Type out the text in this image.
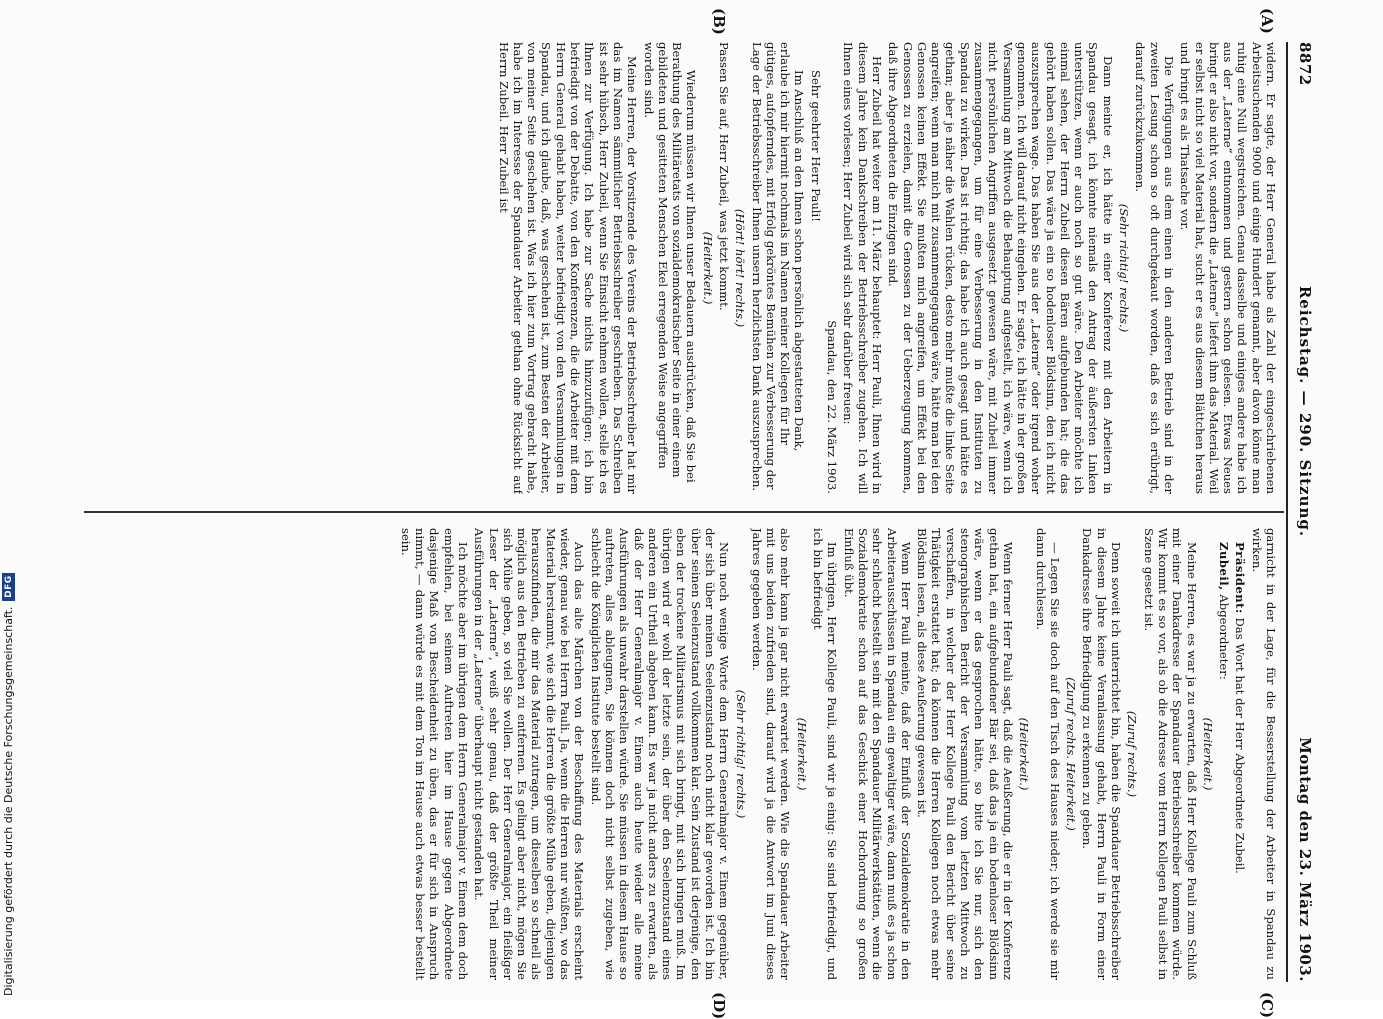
8872
Reichstag. — 290. Sitzung.
Montag den 23. März 1903.
(A)
(B)
(C)
(D)

widern. Er sagte, der Herr General habe als Zahl der eingeschriebenen Arbeitsuchenden 9000 und einige Hundert genannt, aber davon könne man ruhig eine Null wegstreichen. Genau dasselbe und einiges andere habe ich aus der „Laterne“ entnommen und gestern schon gelesen. Etwas Neues bringt er also nicht vor, sondern die „Laterne“ liefert ihm das Material. Weil er selbst nicht so viel Material hat, sucht er es aus diesem Blättchen heraus und bringt es als Thatsache vor.

Die Verfügungen aus dem einen in den anderen Betrieb sind in der zweiten Lesung schon so oft durchgekaut worden, daß es sich erübrigt, darauf zurückzukommen.

(Sehr richtig! rechts.)

Dann meinte er, ich hätte in einer Konferenz mit den Arbeitern in Spandau gesagt, ich könnte niemals den Antrag der äußersten Linken unterstützen, wenn er auch noch so gut wäre. Den Arbeiter möchte ich einmal sehen, der Herrn Zubeil diesen Bären aufgebunden hat; die das gehört haben sollen. Das wäre ja ein so hodenloser Blödsinn, den ich nicht auszusprechen wage. Das haben Sie aus der „Laterne“ oder irgend woher genommen. Ich will darauf nicht eingehen. Er sagte, ich hätte in der großen Versammlung am Mittwoch die Behauptung aufgestellt, ich wäre, wenn ich nicht persönlichen Angriffen ausgesetzt gewesen wäre, mit Zubeil immer zusammengegangen, um für eine Verbesserung in den Instituten zu Spandau zu wirken. Das ist richtig; das habe ich auch gesagt und hätte es gethan; aber je näher die Wahlen rücken, desto mehr mußte die linke Seite angreifen; wenn man mich mit zusammengegangen wäre, hätte man bei den Genossen keinen Effekt. Sie mußten mich angreifen, um Effekt bei den Genossen zu erzielen, damit die Genossen zu der Ueberzeugung kommen, daß ihre Abgeordneten die Einzigen sind.

Herr Zubeil hat weiter am 11. März behauptet: Herr Pauli, Ihnen wird in diesem Jahre kein Dankschreiben der Betriebsschreiber zugehen. Ich will Ihnen eines vorlesen; Herr Zubeil wird sich sehr darüber freuen:

Spandau, den 22. März 1903.

Sehr geehrter Herr Pauli!

Im Anschluß an den Ihnen schon persönlich abgestatteten Dank, erlaube ich mir hiermit nochmals im Namen meiner Kollegen für Ihr gütiges, aufopferndes, mit Erfolg gekröntes Bemühen zur Verbesserung der Lage der Betriebsschreiber Ihnen unsern herzlichsten Dank auszusprechen.

(Hört! hört! rechts.)

Passen Sie auf, Herr Zubeil, was jetzt kommt.

(Heiterkeit.)

Wiederum müssen wir Ihnen unser Bedauern ausdrücken, daß Sie bei Berathung des Militäretats von sozialdemokratischer Seite in einer einem gebildeten und gesitteten Menschen Ekel erregenden Weise angegriffen worden sind.

Meine Herren, der Vorsitzende des Vereins der Betriebsschreiber hat mir das im Namen sämmtlicher Betriebsschreiber geschrieben. Das Schreiben ist sehr hübsch, Herr Zubeil, wenn Sie Einsicht nehmen wollen, stelle ich es Ihnen zur Verfügung. Ich habe zur Sache nichts hinzuzufügen; ich bin befriedigt von der Debatte, von den Konferenzen, die die Arbeiter mit dem Herrn General gehabt haben, weiter befriedigt von den Versammlungen in Spandau, und ich glaube, daß, was geschehen ist, zum Besten der Arbeiter, von meiner Seite geschehen ist. Was ich hier zum Vortrag gebracht habe, habe ich im Interesse der Spandauer Arbeiter gethan ohne Rücksicht auf Herrn Zubeil. Herr Zubeil ist

garnicht in der Lage, für die Besserstellung der Arbeiter in Spandau zu wirken.

Präsident: Das Wort hat der Herr Abgeordnete Zubeil.

Zubeil, Abgeordneter:

(Heiterkeit.)

Meine Herren, es war ja zu erwarten, daß Herr Kollege Pauli zum Schluß mit einer Dankadresse der Spandauer Betriebsschreiber kommen würde. Wir kommt es so vor, als ob die Adresse vom Herrn Kollegen Pauli selbst in Szene gesetzt ist.

(Zuruf rechts.)

Denn soweit ich unterrichtet bin, haben die Spandauer Betriebsschreiber in diesem Jahre keine Veranlassung gehabt, Herrn Pauli in Form einer Dankadresse ihre Befriedigung zu erkennen zu geben.

(Zuruf rechts. Heiterkeit.)

— Legen Sie sie doch auf den Tisch des Hauses nieder; ich werde sie mir dann durchlesen.

(Heiterkeit.)

Wenn ferner Herr Pauli sagt, daß die Aeußerung, die er in der Konferenz gethan hat, ein aufgebundener Bär sei, daß das ja ein bodenloser Blödsinn wäre, wenn er das gesprochen hätte, so bitte ich Sie nur, sich den stenographischen Bericht der Versammlung vom letzten Mittwoch zu verschaffen, in welcher der Herr Kollege Pauli den Bericht über seine Thätigkeit erstattet hat; da können die Herren Kollegen noch etwas mehr Blödsinn lesen, als diese Aeußerung gewesen ist.

Wenn Herr Pauli meinte, daß der Einfluß der Sozialdemokratie in den Arbeiterausschüssen in Spandau ein gewaltiger wäre, dann muß es ja schon sehr schlecht bestellt sein mit den Spandauer Militärwerkstätten, wenn die Sozialdemokratie schon auf das Geschick einer Hochordnung so großen Einfluß übt.

Im übrigen, Herr Kollege Pauli, sind wir ja einig: Sie sind befriedigt, und ich bin befriedigt

(Heiterkeit.)

also mehr kann ja gar nicht erwartet werden. Wie die Spandauer Arbeiter mit uns beiden zufrieden sind, darauf wird ja die Antwort im Juni dieses Jahres gegeben werden.

(Sehr richtig! rechts.)

Nun noch wenige Worte dem Herrn Generalmajor v. Einem gegenüber, der sich über meinen Seelenzustand noch nicht klar geworden ist. Ich bin über seinen Seelenzustand vollkommen klar. Sein Zustand ist derjenige, den eben der trockene Militarismus mit sich bringt, mit sich bringen muß. Im übrigen wird er wohl der letzte sein, der über den Seelenzustand eines anderen ein Urtheil abgeben kann. Es war ja nicht anders zu erwarten, als daß der Herr Generalmajor v. Einem auch heute wieder alle meine Ausführungen als unwahr darstellen würde. Sie müssen in diesem Hause so auftreten, alles ableugnen, Sie können doch nicht selbst zugeben, wie schlecht die Königlichen Institute bestellt sind.

Auch das alte Märchen von der Beschaffung des Materials erscheint wieder, genau wie bei Herrn Pauli. Ja, wenn die Herren nur wüßten, wo das Material herstammt, wie sich die Herren die größte Mühe geben, diejenigen herauszufinden, die mir das Material zutragen, um dieselben so schnell als möglich aus den Betrieben zu entfernen. Es gelingt aber nicht, mögen Sie sich Mühe geben, so viel Sie wollen. Der Herr Generalmajor, ein fleißiger Leser der „Laterne“, weiß sehr genau, daß der größte Theil meiner Ausführungen in der „Laterne“ überhaupt nicht gestanden hat.

Ich möchte aber im übrigen dem Herrn Generalmajor v. Einem dem doch empfehlen, bei seinem Auftreten hier im Hause gegen Abgeordnete dasjenige Maß von Bescheidenheit zu üben, das er für sich in Anspruch nimmt, — dann würde es mit dem Ton im Hause auch etwas besser bestellt sein.

Digitalisierung gefördert durch die Deutsche Forschungsgemeinschaft.
DFG
